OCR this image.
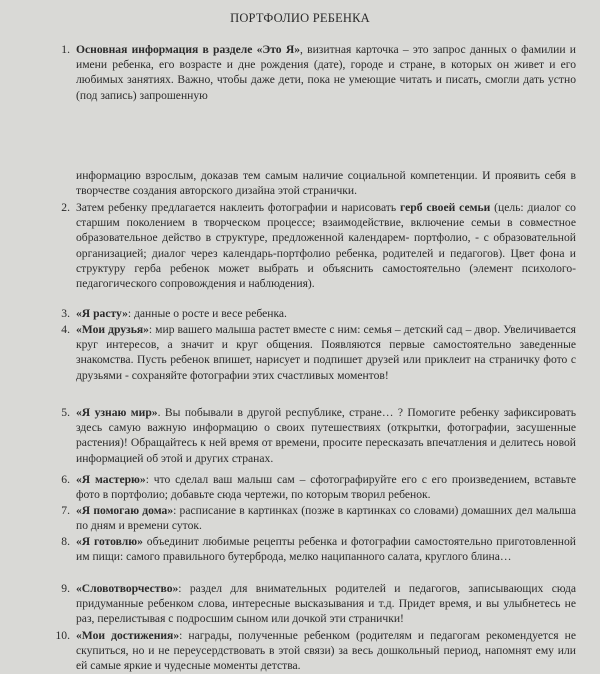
ПОРТФОЛИО РЕБЕНКА
1. Основная информация в разделе «Это Я», визитная карточка – это запрос данных о фамилии и имени ребенка, его возрасте и дне рождения (дате), городе и стране, в которых он живет и его любимых занятиях. Важно, чтобы даже дети, пока не умеющие читать и писать, смогли дать устно (под запись) запрошенную
информацию взрослым, доказав тем самым наличие социальной компетенции. И проявить себя в творчестве создания авторского дизайна этой странички.
2. Затем ребенку предлагается наклеить фотографии и нарисовать герб своей семьи (цель: диалог со старшим поколением в творческом процессе; взаимодействие, включение семьи в совместное образовательное действо в структуре, предложенной календарем- портфолио, - с образовательной организацией; диалог через календарь-портфолио ребенка, родителей и педагогов). Цвет фона и структуру герба ребенок может выбрать и объяснить самостоятельно (элемент психолого-педагогического сопровождения и наблюдения).
3. «Я расту»: данные о росте и весе ребенка.
4. «Мои друзья»: мир вашего малыша растет вместе с ним: семья – детский сад – двор. Увеличивается круг интересов, а значит и круг общения. Появляются первые самостоятельно заведенные знакомства. Пусть ребенок впишет, нарисует и подпишет друзей или приклеит на страничку фото с друзьями - сохраняйте фотографии этих счастливых моментов!
5. «Я узнаю мир». Вы побывали в другой республике, стране… ? Помогите ребенку зафиксировать здесь самую важную информацию о своих путешествиях (открытки, фотографии, засушенные растения)! Обращайтесь к ней время от времени, просите пересказать впечатления и делитесь новой информацией об этой и других странах.
6. «Я мастерю»: что сделал ваш малыш сам – сфотографируйте его с его произведением, вставьте фото в портфолио; добавьте сюда чертежи, по которым творил ребенок.
7. «Я помогаю дома»: расписание в картинках (позже в картинках со словами) домашних дел малыша по дням и времени суток.
8. «Я готовлю» объединит любимые рецепты ребенка и фотографии самостоятельно приготовленной им пищи: самого правильного бутерброда, мелко наципанного салата, круглого блина…
9. «Словотворчество»: раздел для внимательных родителей и педагогов, записывающих сюда придуманные ребенком слова, интересные высказывания и т.д. Придет время, и вы улыбнетесь не раз, перелистывая с подросшим сыном или дочкой эти странички!
10. «Мои достижения»: награды, полученные ребенком (родителям и педагогам рекомендуется не скупиться, но и не переусердствовать в этой связи) за весь дошкольный период, напомнят ему или ей самые яркие и чудесные моменты детства.
